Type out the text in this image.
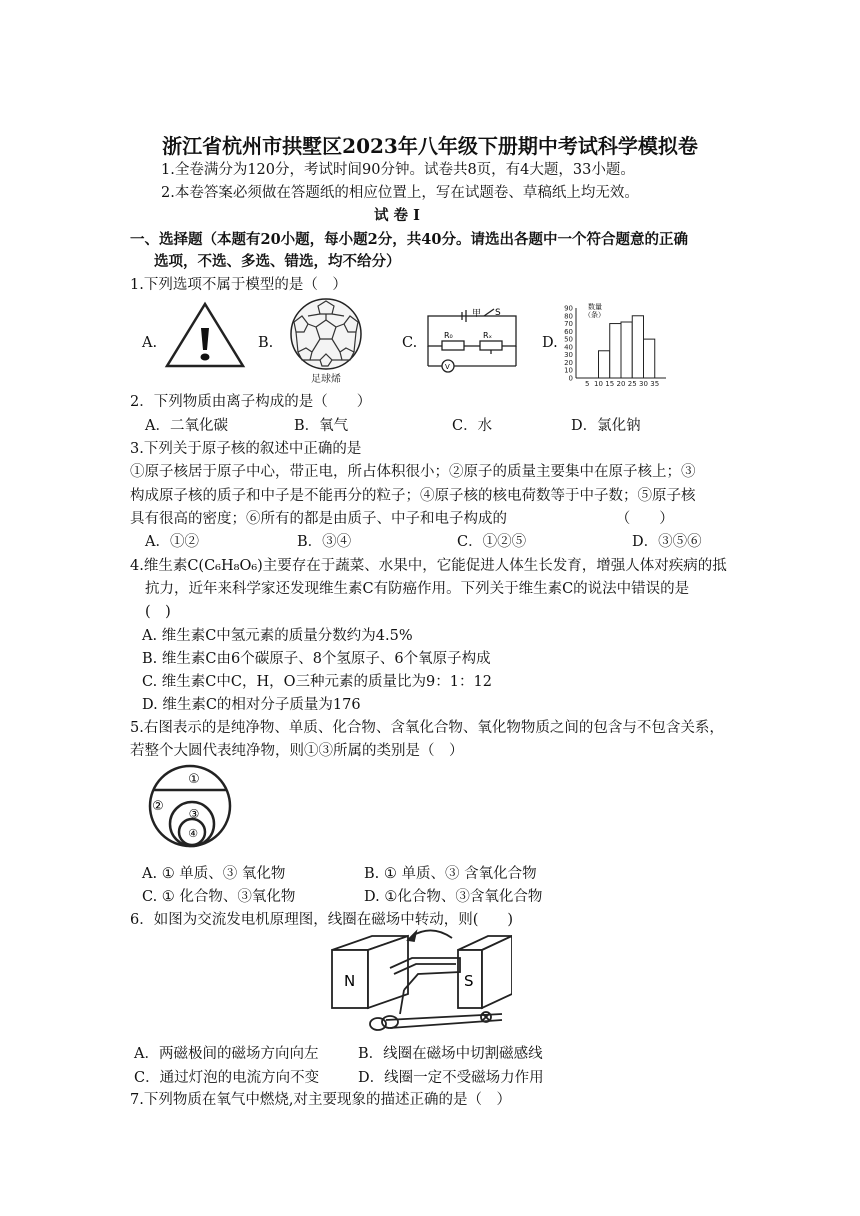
浙江省杭州市拱墅区2023年八年级下册期中考试科学模拟卷
1.全卷满分为120分，考试时间90分钟。试卷共8页，有4大题，33小题。
2.本卷答案必须做在答题纸的相应位置上，写在试题卷、草稿纸上均无效。
试 卷 Ⅰ
一、选择题（本题有20小题，每小题2分，共40分。请选出各题中一个符合题意的正确
选项，不选、多选、错选，均不给分）
1.下列选项不属于模型的是（　）
A.	B.
足球烯
C.
甲 S
R₀	Rₓ
V
D.
90
80
70
60
50
40
30
20
10
0
5 10 15 20 25 30 35
数量
（条）
2．下列物质由离子构成的是（　　）
A．二氧化碳	B．氧气	C．水	D．氯化钠
3.下列关于原子核的叙述中正确的是
①原子核居于原子中心，带正电，所占体积很小；②原子的质量主要集中在原子核上；③
构成原子核的质子和中子是不能再分的粒子；④原子核的核电荷数等于中子数；⑤原子核
具有很高的密度；⑥所有的都是由质子、中子和电子构成的　　　　　　　　（　　）
A．①②	B．③④	C．①②⑤	D．③⑤⑥
4.维生素C(C₆H₈O₆)主要存在于蔬菜、水果中，它能促进人体生长发育，增强人体对疾病的抵
抗力，近年来科学家还发现维生素C有防癌作用。下列关于维生素C的说法中错误的是
(　)
A. 维生素C中氢元素的质量分数约为4.5%
B. 维生素C由6个碳原子、8个氢原子、6个氧原子构成
C. 维生素C中C，H，O三种元素的质量比为9：1：12
D. 维生素C的相对分子质量为176
5.右图表示的是纯净物、单质、化合物、含氧化合物、氧化物物质之间的包含与不包含关系，
若整个大圆代表纯净物，则①③所属的类别是（　）
①
② ③
④
A. ① 单质、③ 氧化物	B. ① 单质、③ 含氧化合物
C. ① 化合物、③氧化物	D. ①化合物、③含氧化合物
6．如图为交流发电机原理图，线圈在磁场中转动，则(　　)
N	S
A．两磁极间的磁场方向向左	B．线圈在磁场中切割磁感线
C．通过灯泡的电流方向不变	D．线圈一定不受磁场力作用
7.下列物质在氧气中燃烧,对主要现象的描述正确的是（　）
